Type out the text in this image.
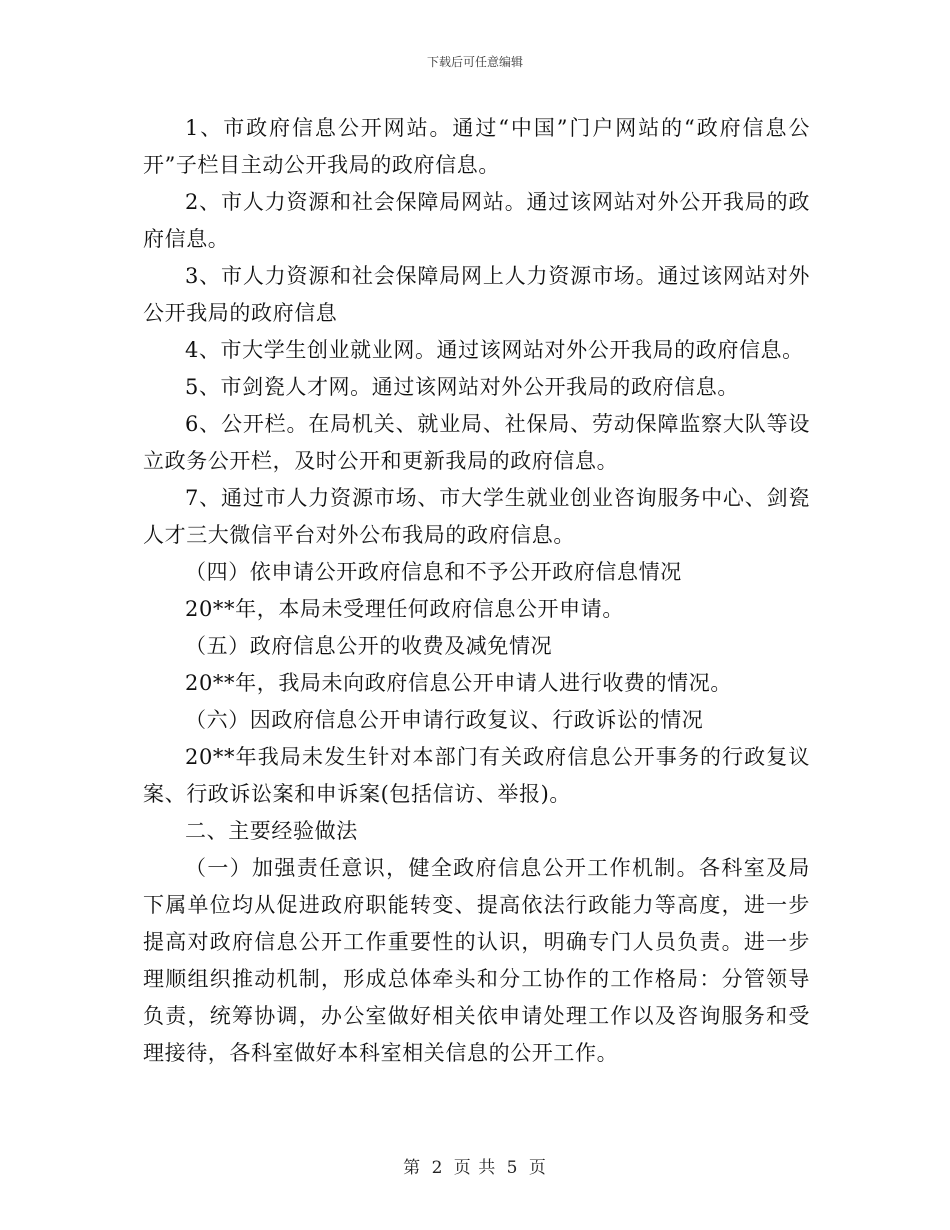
下载后可任意编辑

1、市政府信息公开网站。通过“中国”门户网站的“政府信息公开”子栏目主动公开我局的政府信息。

2、市人力资源和社会保障局网站。通过该网站对外公开我局的政府信息。

3、市人力资源和社会保障局网上人力资源市场。通过该网站对外公开我局的政府信息

4、市大学生创业就业网。通过该网站对外公开我局的政府信息。

5、市剑瓷人才网。通过该网站对外公开我局的政府信息。

6、公开栏。在局机关、就业局、社保局、劳动保障监察大队等设立政务公开栏，及时公开和更新我局的政府信息。

7、通过市人力资源市场、市大学生就业创业咨询服务中心、剑瓷人才三大微信平台对外公布我局的政府信息。

（四）依申请公开政府信息和不予公开政府信息情况

20**年，本局未受理任何政府信息公开申请。

（五）政府信息公开的收费及减免情况

20**年，我局未向政府信息公开申请人进行收费的情况。

（六）因政府信息公开申请行政复议、行政诉讼的情况

20**年我局未发生针对本部门有关政府信息公开事务的行政复议案、行政诉讼案和申诉案(包括信访、举报)。

二、主要经验做法

（一）加强责任意识，健全政府信息公开工作机制。各科室及局下属单位均从促进政府职能转变、提高依法行政能力等高度，进一步提高对政府信息公开工作重要性的认识，明确专门人员负责。进一步理顺组织推动机制，形成总体牵头和分工协作的工作格局：分管领导负责，统筹协调，办公室做好相关依申请处理工作以及咨询服务和受理接待，各科室做好本科室相关信息的公开工作。

第 2 页 共 5 页
